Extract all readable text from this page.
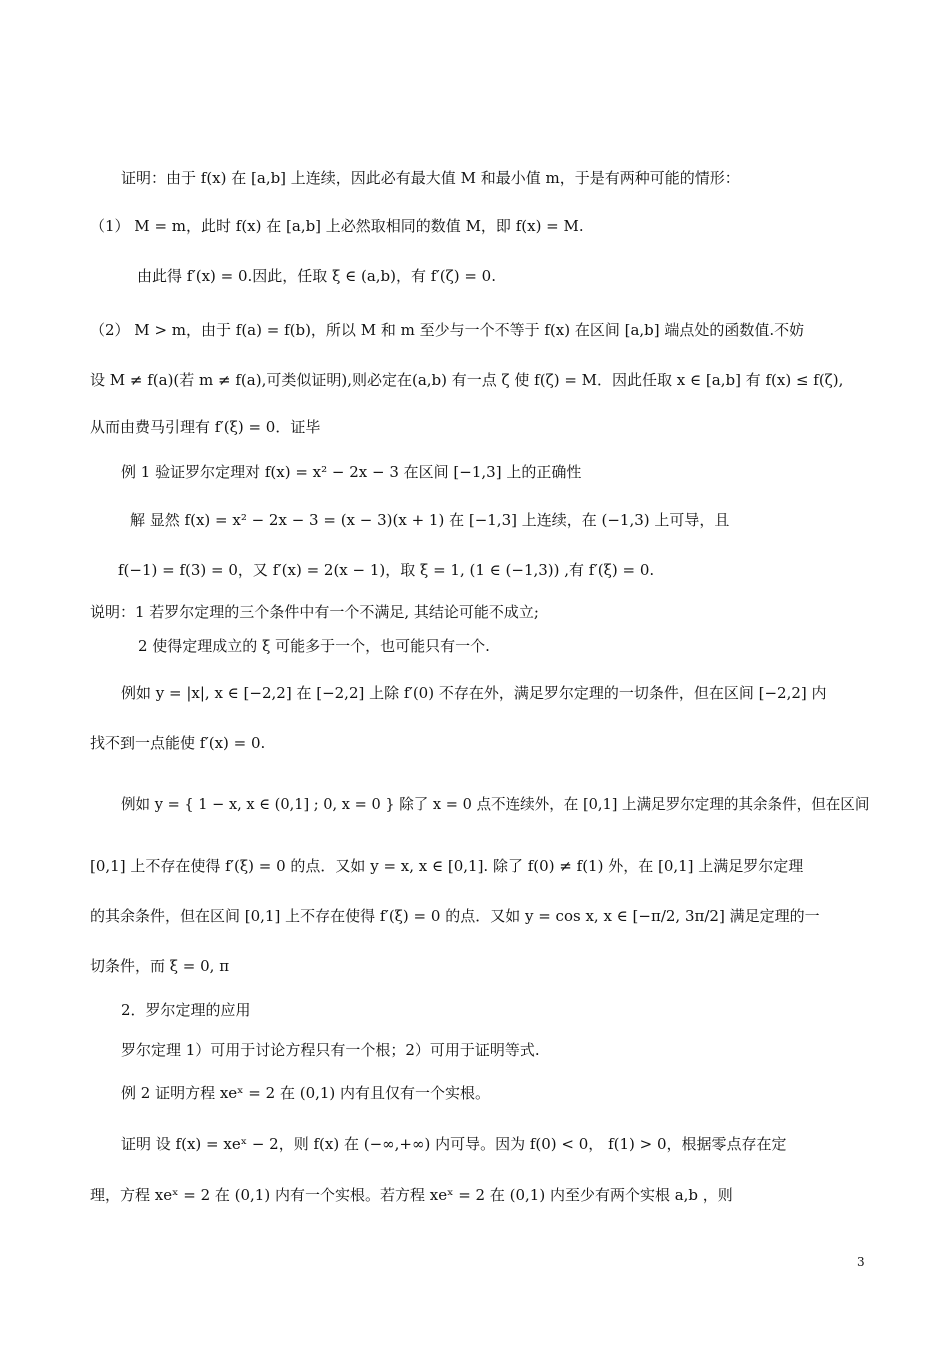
证明：由于 f(x) 在 [a,b] 上连续，因此必有最大值 M 和最小值 m，于是有两种可能的情形：
（1） M = m，此时 f(x) 在 [a,b] 上必然取相同的数值 M，即 f(x) = M.
由此得 f′(x) = 0.因此，任取 ξ ∈ (a,b)，有 f′(ζ) = 0.
（2） M > m，由于 f(a) = f(b)，所以 M 和 m 至少与一个不等于 f(x) 在区间 [a,b] 端点处的函数值.不妨
设 M ≠ f(a)(若 m ≠ f(a),可类似证明),则必定在(a,b) 有一点 ζ 使 f(ζ) = M．因此任取 x ∈ [a,b] 有 f(x) ≤ f(ζ),
从而由费马引理有 f′(ξ) = 0．证毕
例 1 验证罗尔定理对 f(x) = x² − 2x − 3 在区间 [−1,3] 上的正确性
解 显然 f(x) = x² − 2x − 3 = (x − 3)(x + 1) 在 [−1,3] 上连续，在 (−1,3) 上可导，且
f(−1) = f(3) = 0，又 f′(x) = 2(x − 1)，取 ξ = 1, (1 ∈ (−1,3)) ,有 f′(ξ) = 0.
说明：1 若罗尔定理的三个条件中有一个不满足, 其结论可能不成立;
2 使得定理成立的 ξ 可能多于一个，也可能只有一个.
例如 y = |x|, x ∈ [−2,2] 在 [−2,2] 上除 f′(0) 不存在外，满足罗尔定理的一切条件，但在区间 [−2,2] 内
找不到一点能使 f′(x) = 0.
例如 y = { 1 − x, x ∈ (0,1] ; 0, x = 0 } 除了 x = 0 点不连续外，在 [0,1] 上满足罗尔定理的其余条件，但在区间
[0,1] 上不存在使得 f′(ξ) = 0 的点．又如 y = x, x ∈ [0,1]. 除了 f(0) ≠ f(1) 外，在 [0,1] 上满足罗尔定理
的其余条件，但在区间 [0,1] 上不存在使得 f′(ξ) = 0 的点．又如 y = cos x, x ∈ [−π/2, 3π/2] 满足定理的一
切条件，而 ξ = 0, π
2．罗尔定理的应用
罗尔定理 1）可用于讨论方程只有一个根；2）可用于证明等式.
例 2 证明方程 xeˣ = 2 在 (0,1) 内有且仅有一个实根。
证明 设 f(x) = xeˣ − 2，则 f(x) 在 (−∞,+∞) 内可导。因为 f(0) < 0， f(1) > 0，根据零点存在定
理，方程 xeˣ = 2 在 (0,1) 内有一个实根。若方程 xeˣ = 2 在 (0,1) 内至少有两个实根 a,b ，则
3
